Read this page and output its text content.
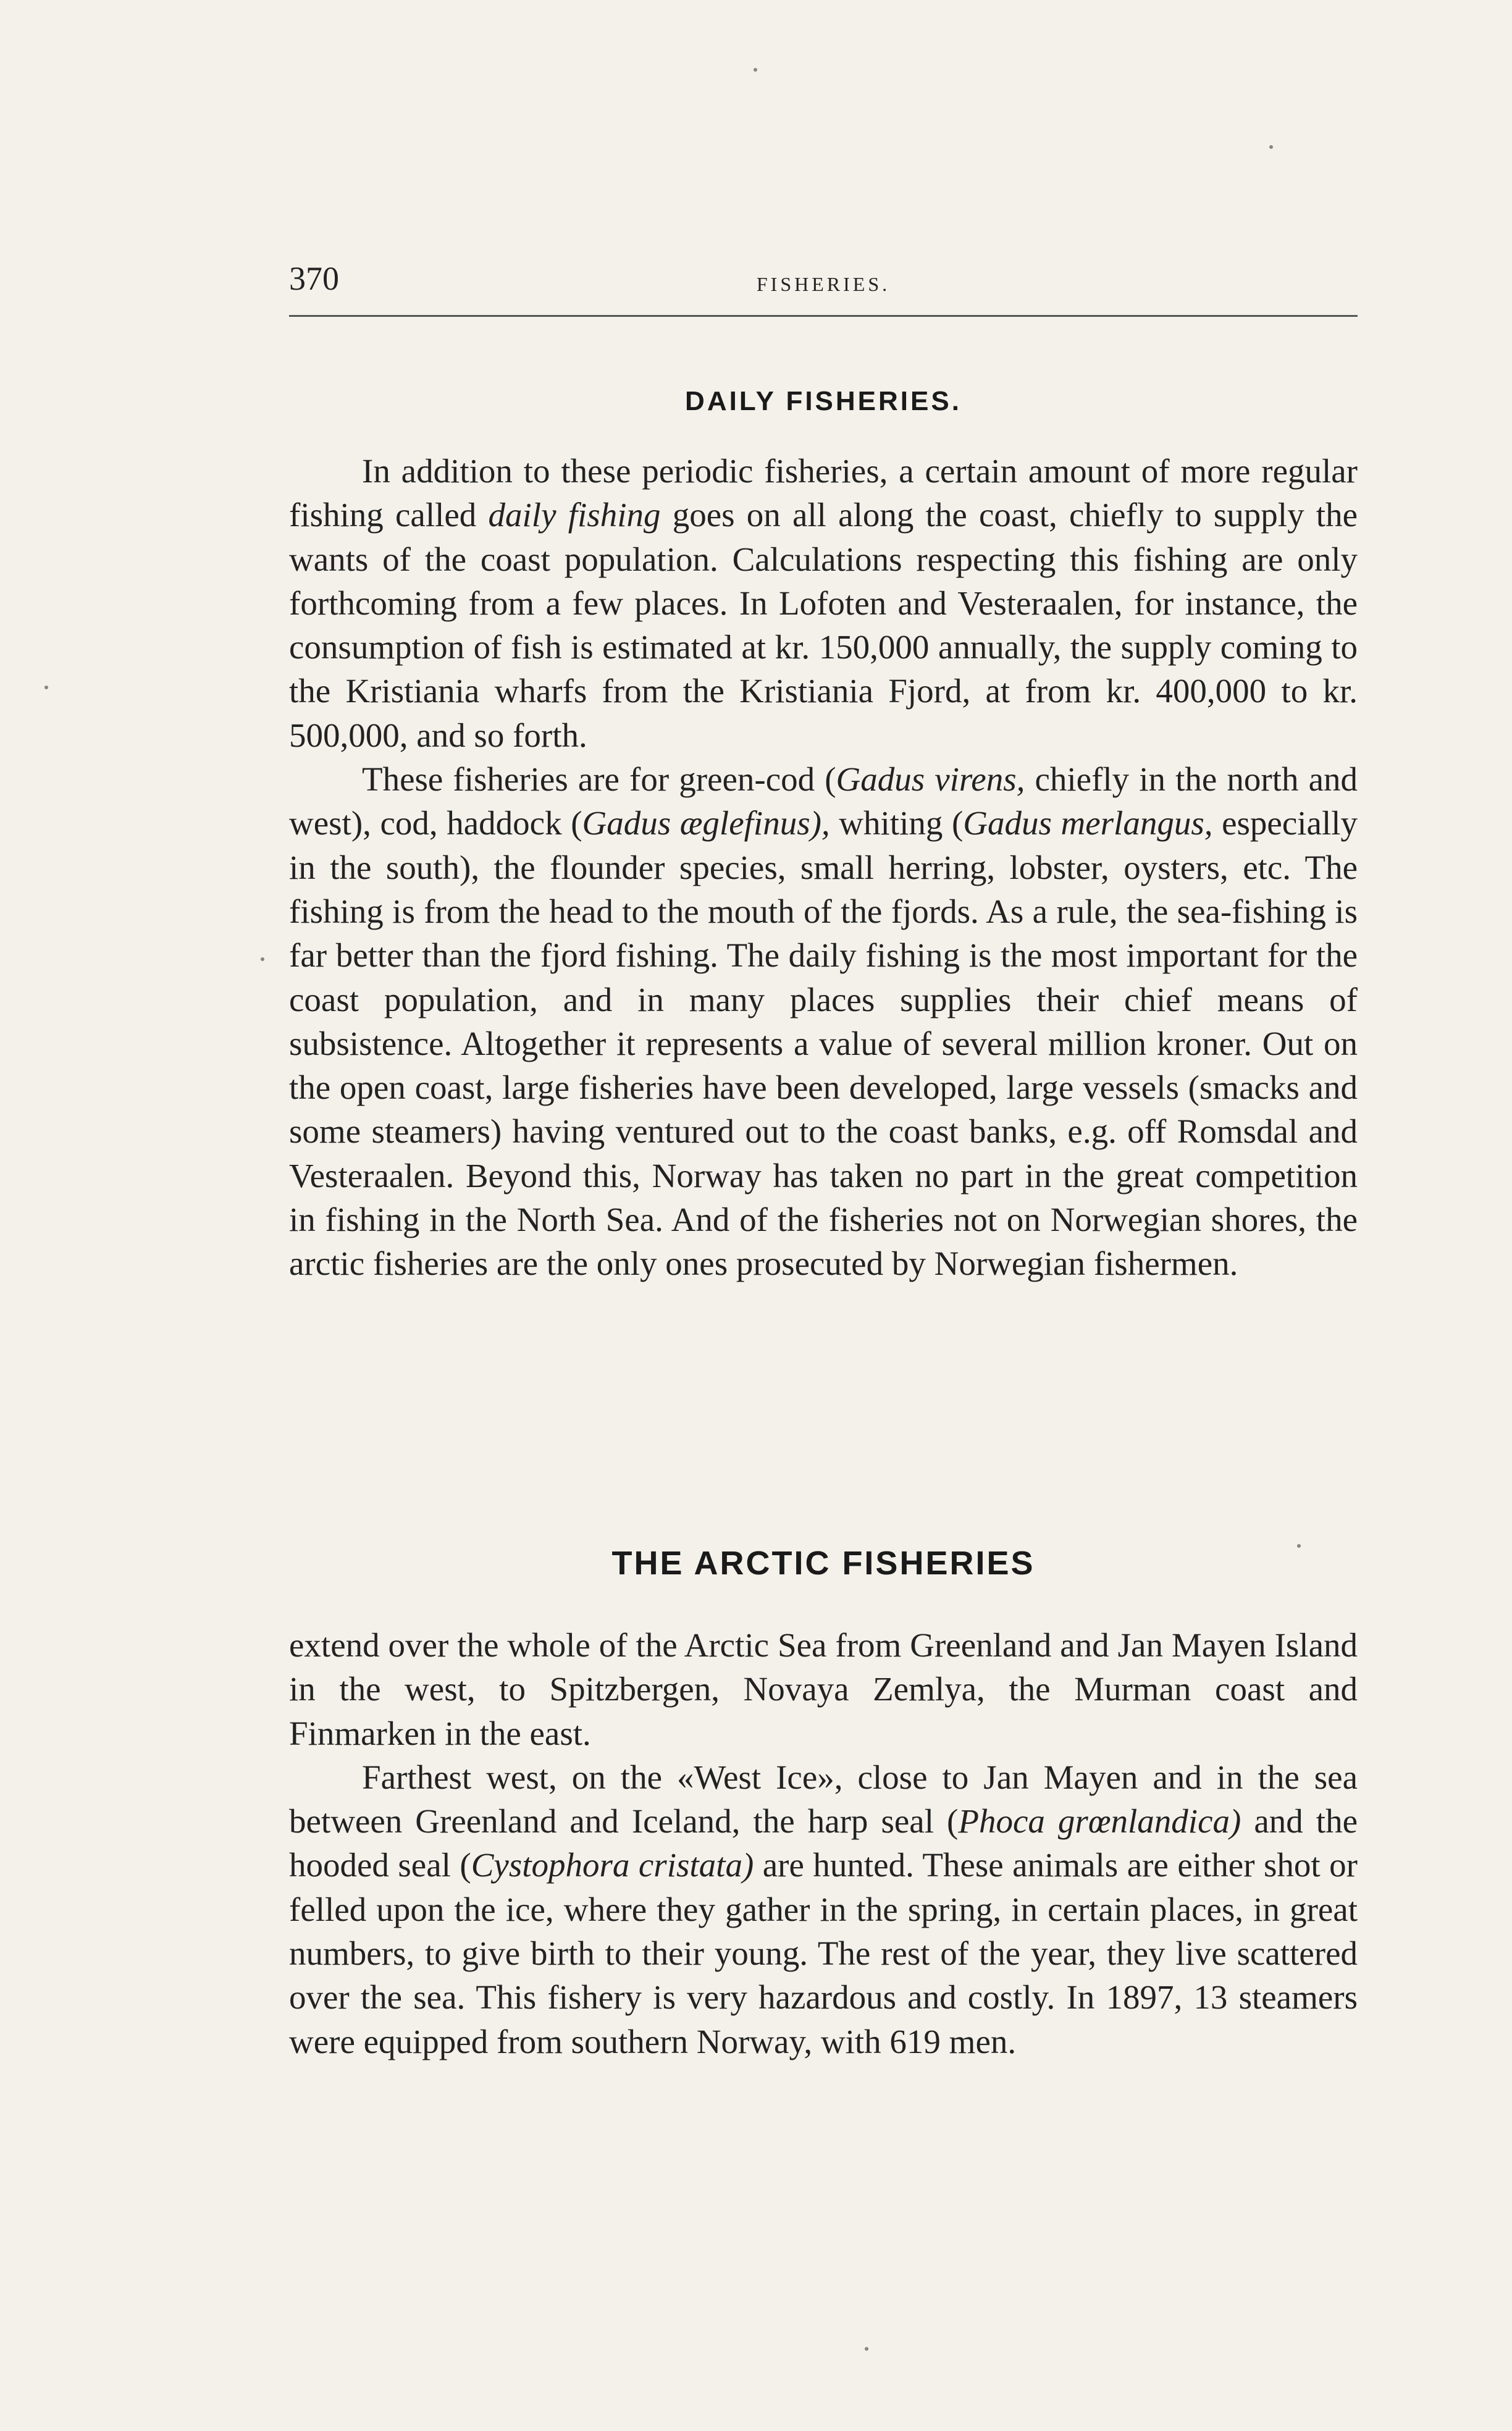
370	FISHERIES.
DAILY FISHERIES.

In addition to these periodic fisheries, a certain amount of more regular fishing called daily fishing goes on all along the coast, chiefly to supply the wants of the coast population. Calculations respecting this fishing are only forthcoming from a few places. In Lofoten and Vesteraalen, for instance, the consumption of fish is estimated at kr. 150,000 annually, the supply coming to the Kristiania wharfs from the Kristiania Fjord, at from kr. 400,000 to kr. 500,000, and so forth.

These fisheries are for green-cod (Gadus virens, chiefly in the north and west), cod, haddock (Gadus æglefinus), whiting (Gadus merlangus, especially in the south), the flounder species, small herring, lobster, oysters, etc. The fishing is from the head to the mouth of the fjords. As a rule, the sea-fishing is far better than the fjord fishing. The daily fishing is the most important for the coast population, and in many places supplies their chief means of subsistence. Altogether it represents a value of several million kroner. Out on the open coast, large fisheries have been developed, large vessels (smacks and some steamers) having ventured out to the coast banks, e.g. off Romsdal and Vesteraalen. Beyond this, Norway has taken no part in the great competition in fishing in the North Sea. And of the fisheries not on Norwegian shores, the arctic fisheries are the only ones prosecuted by Norwegian fishermen.

THE ARCTIC FISHERIES

extend over the whole of the Arctic Sea from Greenland and Jan Mayen Island in the west, to Spitzbergen, Novaya Zemlya, the Murman coast and Finmarken in the east.

Farthest west, on the «West Ice», close to Jan Mayen and in the sea between Greenland and Iceland, the harp seal (Phoca grœnlandica) and the hooded seal (Cystophora cristata) are hunted. These animals are either shot or felled upon the ice, where they gather in the spring, in certain places, in great numbers, to give birth to their young. The rest of the year, they live scattered over the sea. This fishery is very hazardous and costly. In 1897, 13 steamers were equipped from southern Norway, with 619 men.
